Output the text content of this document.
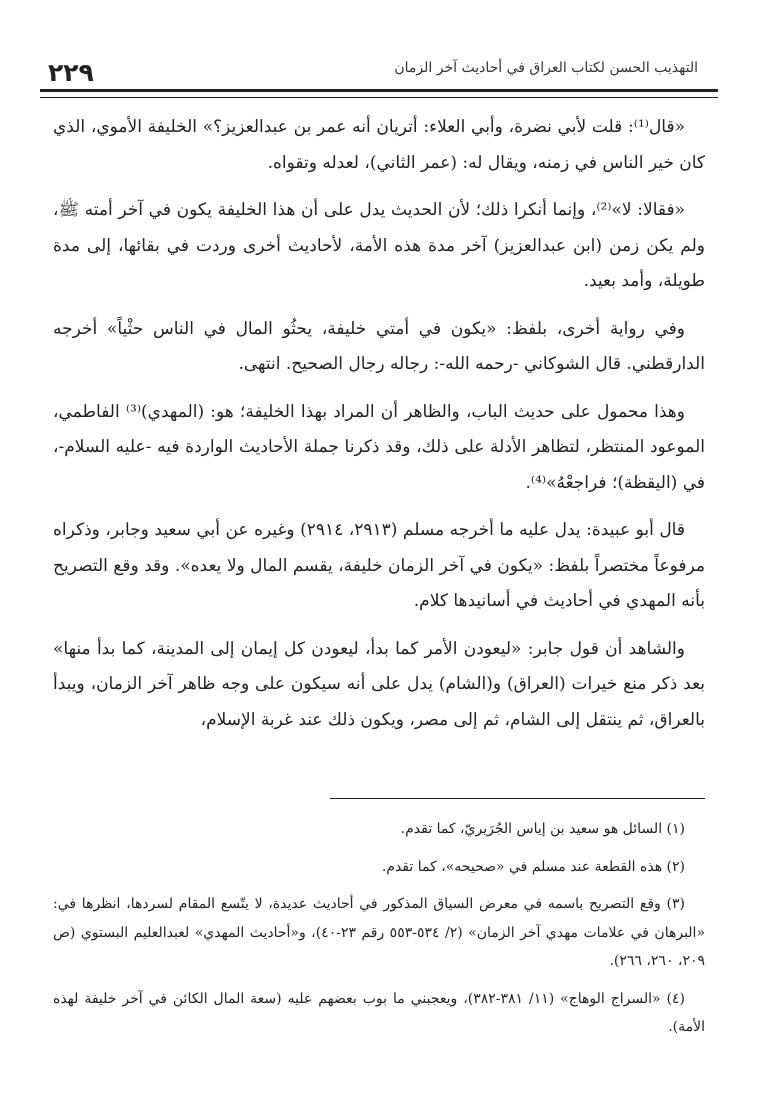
٢٢٩	التهذيب الحسن لكتاب العراق في أحاديث آخر الزمان

«قال⁽¹⁾: قلت لأبي نضرة، وأبي العلاء: أتريان أنه عمر بن عبدالعزيز؟» الخليفة الأموي، الذي كان خير الناس في زمنه، ويقال له: (عمر الثاني)، لعدله وتقواه.

«فقالا: لا»⁽²⁾، وإنما أنكرا ذلك؛ لأن الحديث يدل على أن هذا الخليفة يكون في آخر أمته ﷺ، ولم يكن زمن (ابن عبدالعزيز) آخر مدة هذه الأمة، لأحاديث أخرى وردت في بقائها، إلى مدة طويلة، وأمد بعيد.

وفي رواية أخرى، بلفظ: «يكون في أمتي خليفة، يحثُو المال في الناس حثْياً» أخرجه الدارقطني. قال الشوكاني -رحمه الله-: رجاله رجال الصحيح. انتهى.

وهذا محمول على حديث الباب، والظاهر أن المراد بهذا الخليفة؛ هو: (المهدي)⁽³⁾ الفاطمي، الموعود المنتظر، لتظاهر الأدلة على ذلك، وقد ذكرنا جملة الأحاديث الواردة فيه -عليه السلام-، في (اليقظة)؛ فراجعْهُ»⁽⁴⁾.

قال أبو عبيدة: يدل عليه ما أخرجه مسلم (٢٩١٣، ٢٩١٤) وغيره عن أبي سعيد وجابر، وذكراه مرفوعاً مختصراً بلفظ: «يكون في آخر الزمان خليفة، يقسم المال ولا يعده». وقد وقع التصريح بأنه المهدي في أحاديث في أسانيدها كلام.

والشاهد أن قول جابر: «ليعودن الأمر كما بدأ، ليعودن كل إيمان إلى المدينة، كما بدأ منها» بعد ذكر منع خيرات (العراق) و(الشام) يدل على أنه سيكون على وجه ظاهر آخر الزمان، ويبدأ بالعراق، ثم ينتقل إلى الشام، ثم إلى مصر، ويكون ذلك عند غربة الإسلام،

(١) السائل هو سعيد بن إياس الجُرَيريّ، كما تقدم.

(٢) هذه القطعة عند مسلم في «صحيحه»، كما تقدم.

(٣) وقع التصريح باسمه في معرض السياق المذكور في أحاديث عديدة، لا يتّسع المقام لسردها، انظرها في: «البرهان في علامات مهدي آخر الزمان» (٢/ ٥٣٤-٥٥٣ رقم ٢٣-٤٠)، و«أحاديث المهدي» لعبدالعليم البستوي (ص ٢٠٩، ٢٦٠، ٢٦٦).

(٤) «السراج الوهاج» (١١/ ٣٨١-٣٨٢)، ويعجبني ما بوب بعضهم عليه (سعة المال الكائن في آخر خليفة لهذه الأمة).
